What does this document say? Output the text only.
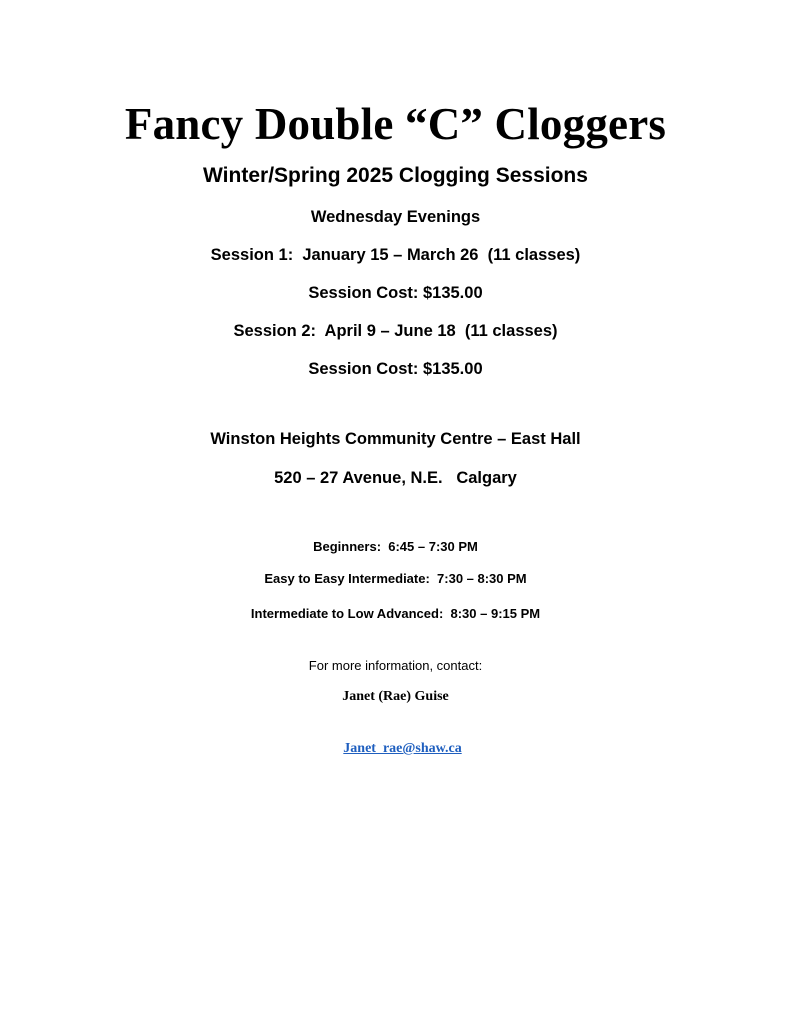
Fancy Double “C” Cloggers
Winter/Spring 2025 Clogging Sessions
Wednesday Evenings
Session 1:  January 15 – March 26  (11 classes)
Session Cost: $135.00
Session 2:  April 9 – June 18  (11 classes)
Session Cost: $135.00
Winston Heights Community Centre – East Hall
520 – 27 Avenue, N.E.   Calgary
Beginners:  6:45 – 7:30 PM
Easy to Easy Intermediate:  7:30 – 8:30 PM
Intermediate to Low Advanced:  8:30 – 9:15 PM
For more information, contact:
Janet (Rae) Guise

Janet_rae@shaw.ca
